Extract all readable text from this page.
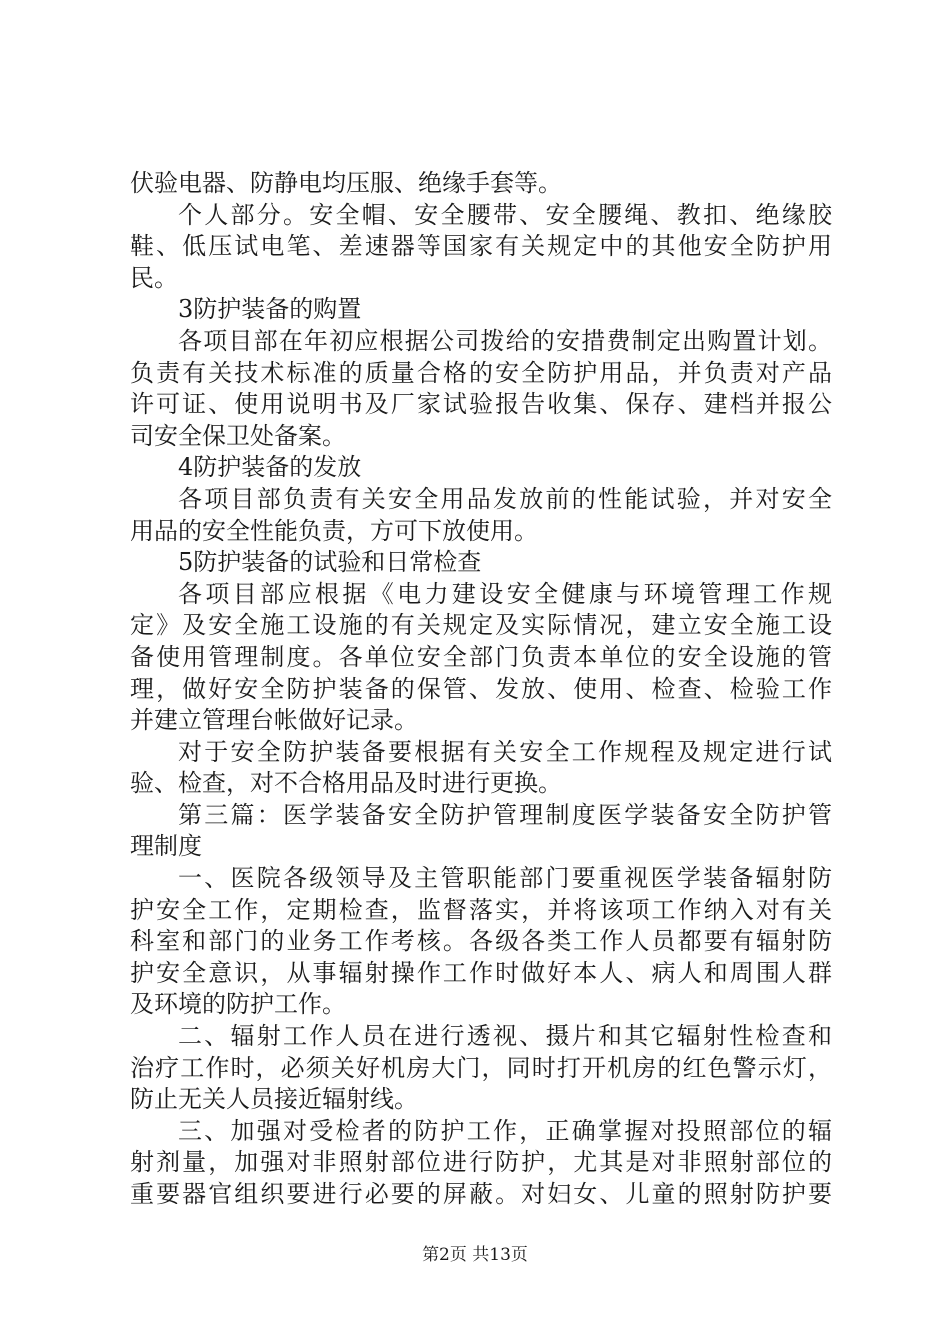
伏验电器、防静电均压服、绝缘手套等。
个人部分。安全帽、安全腰带、安全腰绳、教扣、绝缘胶
鞋、低压试电笔、差速器等国家有关规定中的其他安全防护用
民。
3防护装备的购置
各项目部在年初应根据公司拨给的安措费制定出购置计划。
负责有关技术标准的质量合格的安全防护用品，并负责对产品
许可证、使用说明书及厂家试验报告收集、保存、建档并报公
司安全保卫处备案。
4防护装备的发放
各项目部负责有关安全用品发放前的性能试验，并对安全
用品的安全性能负责，方可下放使用。
5防护装备的试验和日常检查
各项目部应根据《电力建设安全健康与环境管理工作规
定》及安全施工设施的有关规定及实际情况，建立安全施工设
备使用管理制度。各单位安全部门负责本单位的安全设施的管
理，做好安全防护装备的保管、发放、使用、检查、检验工作
并建立管理台帐做好记录。
对于安全防护装备要根据有关安全工作规程及规定进行试
验、检查，对不合格用品及时进行更换。
第三篇：医学装备安全防护管理制度医学装备安全防护管
理制度
一、医院各级领导及主管职能部门要重视医学装备辐射防
护安全工作，定期检查，监督落实，并将该项工作纳入对有关
科室和部门的业务工作考核。各级各类工作人员都要有辐射防
护安全意识，从事辐射操作工作时做好本人、病人和周围人群
及环境的防护工作。
二、辐射工作人员在进行透视、摄片和其它辐射性检查和
治疗工作时，必须关好机房大门，同时打开机房的红色警示灯，
防止无关人员接近辐射线。
三、加强对受检者的防护工作，正确掌握对投照部位的辐
射剂量，加强对非照射部位进行防护，尤其是对非照射部位的
重要器官组织要进行必要的屏蔽。对妇女、儿童的照射防护要
第2页 共13页
